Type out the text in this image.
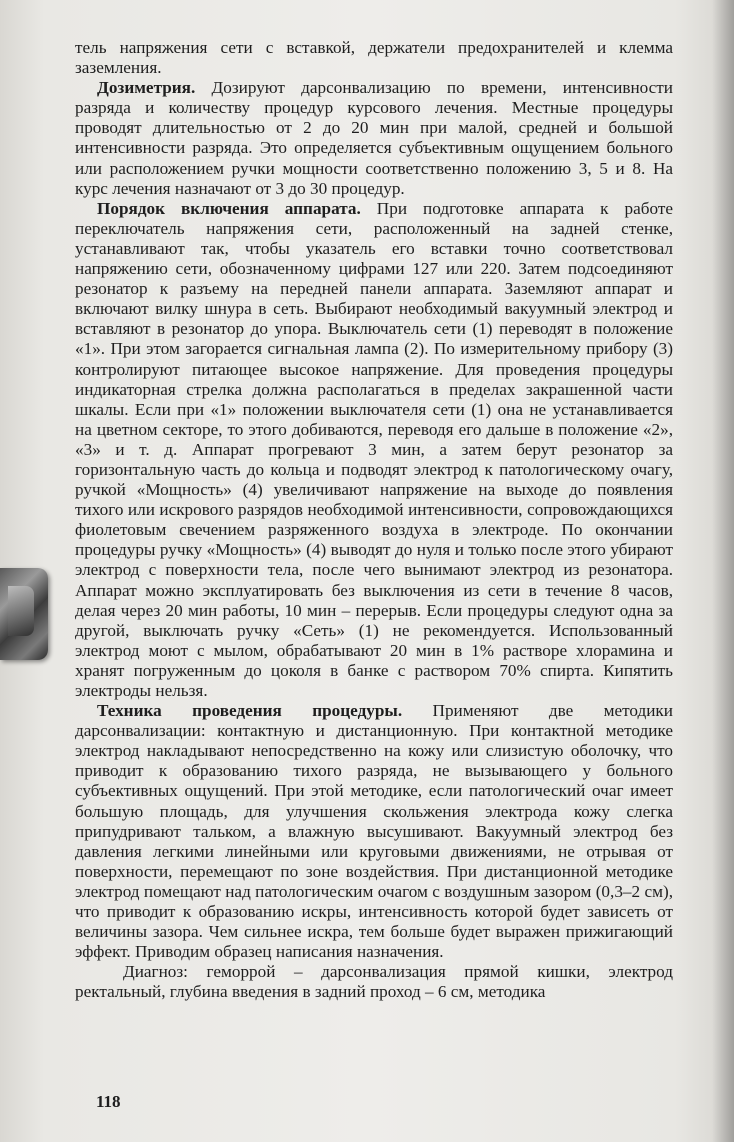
тель напряжения сети с вставкой, держатели предохранителей и клемма заземления.

Дозиметрия. Дозируют дарсонвализацию по времени, интенсивности разряда и количеству процедур курсового лечения. Местные процедуры проводят длительностью от 2 до 20 мин при малой, средней и большой интенсивности разряда. Это определяется субъективным ощущением больного или расположением ручки мощности соответственно положению 3, 5 и 8. На курс лечения назначают от 3 до 30 процедур.

Порядок включения аппарата. При подготовке аппарата к работе переключатель напряжения сети, расположенный на задней стенке, устанавливают так, чтобы указатель его вставки точно соответствовал напряжению сети, обозначенному цифрами 127 или 220. Затем подсоединяют резонатор к разъему на передней панели аппарата. Заземляют аппарат и включают вилку шнура в сеть. Выбирают необходимый вакуумный электрод и вставляют в резонатор до упора. Выключатель сети (1) переводят в положение «1». При этом загорается сигнальная лампа (2). По измерительному прибору (3) контролируют питающее высокое напряжение. Для проведения процедуры индикаторная стрелка должна располагаться в пределах закрашенной части шкалы. Если при «1» положении выключателя сети (1) она не устанавливается на цветном секторе, то этого добиваются, переводя его дальше в положение «2», «3» и т. д. Аппарат прогревают 3 мин, а затем берут резонатор за горизонтальную часть до кольца и подводят электрод к патологическому очагу, ручкой «Мощность» (4) увеличивают напряжение на выходе до появления тихого или искрового разрядов необходимой интенсивности, сопровождающихся фиолетовым свечением разряженного воздуха в электроде. По окончании процедуры ручку «Мощность» (4) выводят до нуля и только после этого убирают электрод с поверхности тела, после чего вынимают электрод из резонатора. Аппарат можно эксплуатировать без выключения из сети в течение 8 часов, делая через 20 мин работы, 10 мин – перерыв. Если процедуры следуют одна за другой, выключать ручку «Сеть» (1) не рекомендуется. Использованный электрод моют с мылом, обрабатывают 20 мин в 1% растворе хлорамина и хранят погруженным до цоколя в банке с раствором 70% спирта. Кипятить электроды нельзя.

Техника проведения процедуры. Применяют две методики дарсонвализации: контактную и дистанционную. При контактной методике электрод накладывают непосредственно на кожу или слизистую оболочку, что приводит к образованию тихого разряда, не вызывающего у больного субъективных ощущений. При этой методике, если патологический очаг имеет большую площадь, для улучшения скольжения электрода кожу слегка припудривают тальком, а влажную высушивают. Вакуумный электрод без давления легкими линейными или круговыми движениями, не отрывая от поверхности, перемещают по зоне воздействия. При дистанционной методике электрод помещают над патологическим очагом с воздушным зазором (0,3–2 см), что приводит к образованию искры, интенсивность которой будет зависеть от величины зазора. Чем сильнее искра, тем больше будет выражен прижигающий эффект. Приводим образец написания назначения.

Диагноз: геморрой – дарсонвализация прямой кишки, электрод ректальный, глубина введения в задний проход – 6 см, методика

118
